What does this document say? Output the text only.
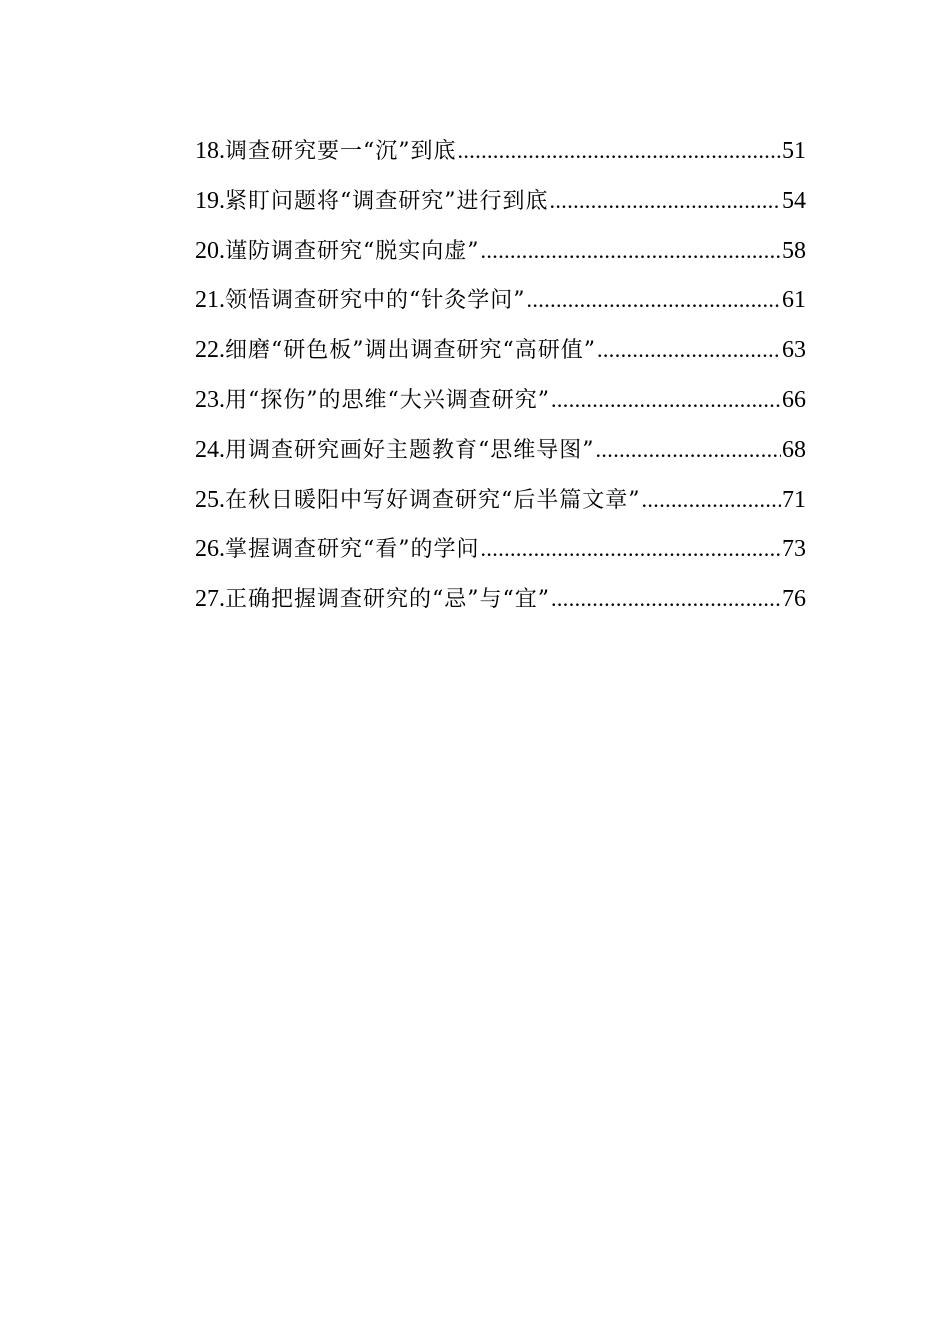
18. 调查研究要一“沉”到底 .....	51
19. 紧盯问题将“调查研究”进行到底 .....	54
20. 谨防调查研究“脱实向虚” .....	58
21. 领悟调查研究中的“针灸学问” .....	61
22. 细磨“研色板”调出调查研究“高研值” .....	63
23. 用“探伤”的思维“大兴调查研究” .....	66
24. 用调查研究画好主题教育“思维导图” .....	68
25. 在秋日暖阳中写好调查研究“后半篇文章” .....	71
26. 掌握调查研究“看”的学问 .....	73
27. 正确把握调查研究的“忌”与“宜” .....	76
